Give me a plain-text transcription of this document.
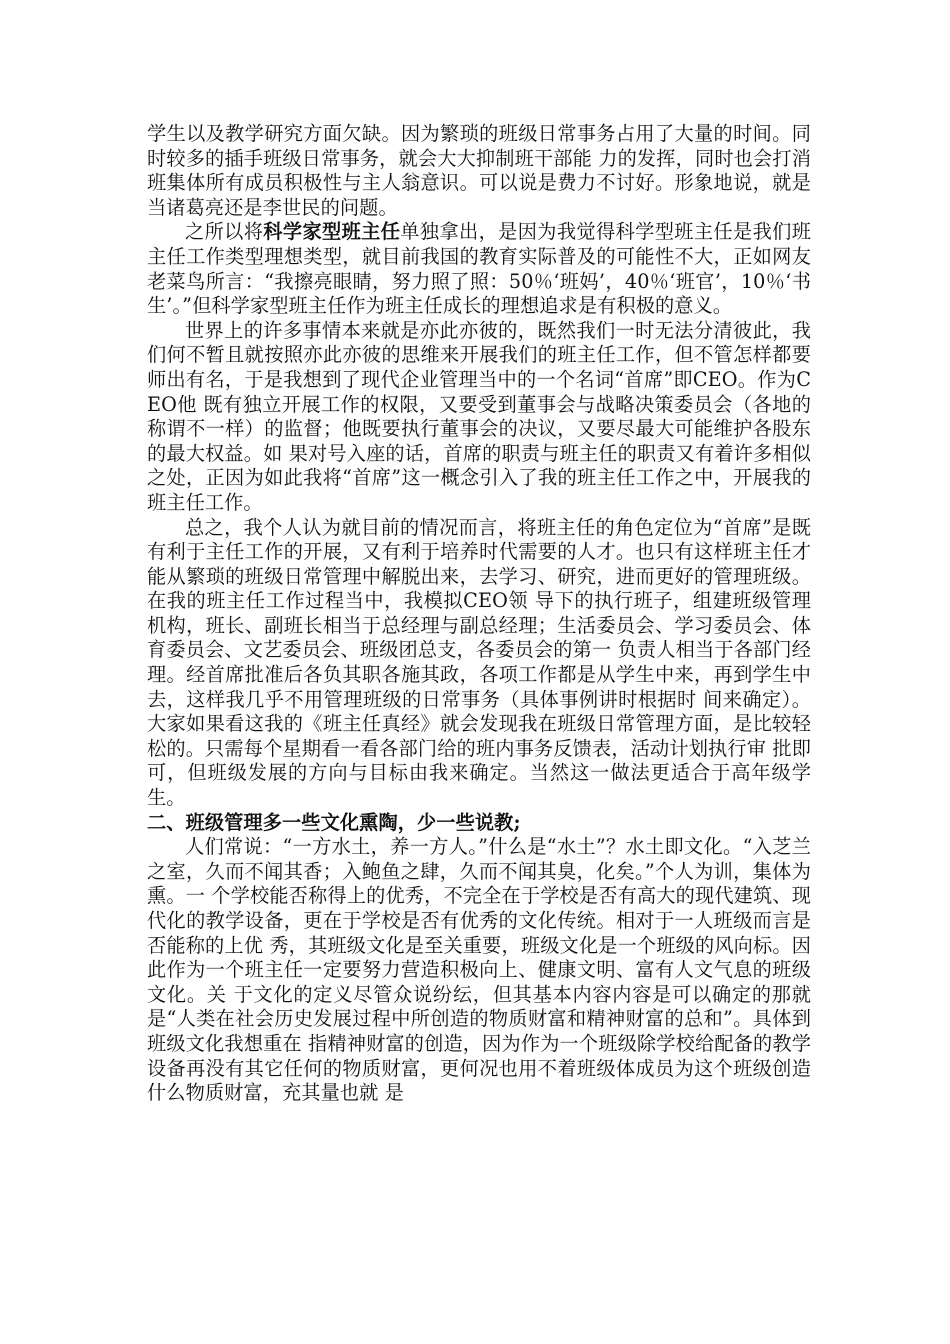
学生以及教学研究方面欠缺。因为繁琐的班级日常事务占用了大量的时间。同时较多的插手班级日常事务，就会大大抑制班干部能 力的发挥，同时也会打消班集体所有成员积极性与主人翁意识。可以说是费力不讨好。形象地说，就是当诸葛亮还是李世民的问题。

之所以将科学家型班主任单独拿出，是因为我觉得科学型班主任是我们班主任工作类型理想类型，就目前我国的教育实际普及的可能性不大，正如网友老菜鸟所言：“我擦亮眼睛，努力照了照：50％‘班妈’，40％‘班官’，10％‘书生’。”但科学家型班主任作为班主任成长的理想追求是有积极的意义。

世界上的许多事情本来就是亦此亦彼的，既然我们一时无法分清彼此，我们何不暂且就按照亦此亦彼的思维来开展我们的班主任工作，但不管怎样都要师出有名，于是我想到了现代企业管理当中的一个名词“首席”即CEO。作为CEO他 既有独立开展工作的权限，又要受到董事会与战略决策委员会（各地的称谓不一样）的监督；他既要执行董事会的决议，又要尽最大可能维护各股东的最大权益。如 果对号入座的话，首席的职责与班主任的职责又有着许多相似之处，正因为如此我将“首席”这一概念引入了我的班主任工作之中，开展我的班主任工作。

总之，我个人认为就目前的情况而言，将班主任的角色定位为“首席”是既有利于主任工作的开展，又有利于培养时代需要的人才。也只有这样班主任才能从繁琐的班级日常管理中解脱出来，去学习、研究，进而更好的管理班级。在我的班主任工作过程当中，我模拟CEO领 导下的执行班子，组建班级管理机构，班长、副班长相当于总经理与副总经理；生活委员会、学习委员会、体育委员会、文艺委员会、班级团总支，各委员会的第一 负责人相当于各部门经理。经首席批准后各负其职各施其政，各项工作都是从学生中来，再到学生中去，这样我几乎不用管理班级的日常事务（具体事例讲时根据时 间来确定）。大家如果看这我的《班主任真经》就会发现我在班级日常管理方面，是比较轻松的。只需每个星期看一看各部门给的班内事务反馈表，活动计划执行审 批即可，但班级发展的方向与目标由我来确定。当然这一做法更适合于高年级学生。

二、班级管理多一些文化熏陶，少一些说教;

人们常说：“一方水土，养一方人。”什么是“水土”？水土即文化。“入芝兰之室，久而不闻其香；入鲍鱼之肆，久而不闻其臭，化矣。”个人为训，集体为熏。一 个学校能否称得上的优秀，不完全在于学校是否有高大的现代建筑、现代化的教学设备，更在于学校是否有优秀的文化传统。相对于一人班级而言是否能称的上优 秀，其班级文化是至关重要，班级文化是一个班级的风向标。因此作为一个班主任一定要努力营造积极向上、健康文明、富有人文气息的班级文化。关 于文化的定义尽管众说纷纭，但其基本内容内容是可以确定的那就是“人类在社会历史发展过程中所创造的物质财富和精神财富的总和”。具体到班级文化我想重在 指精神财富的创造，因为作为一个班级除学校给配备的教学设备再没有其它任何的物质财富，更何况也用不着班级体成员为这个班级创造什么物质财富，充其量也就 是
